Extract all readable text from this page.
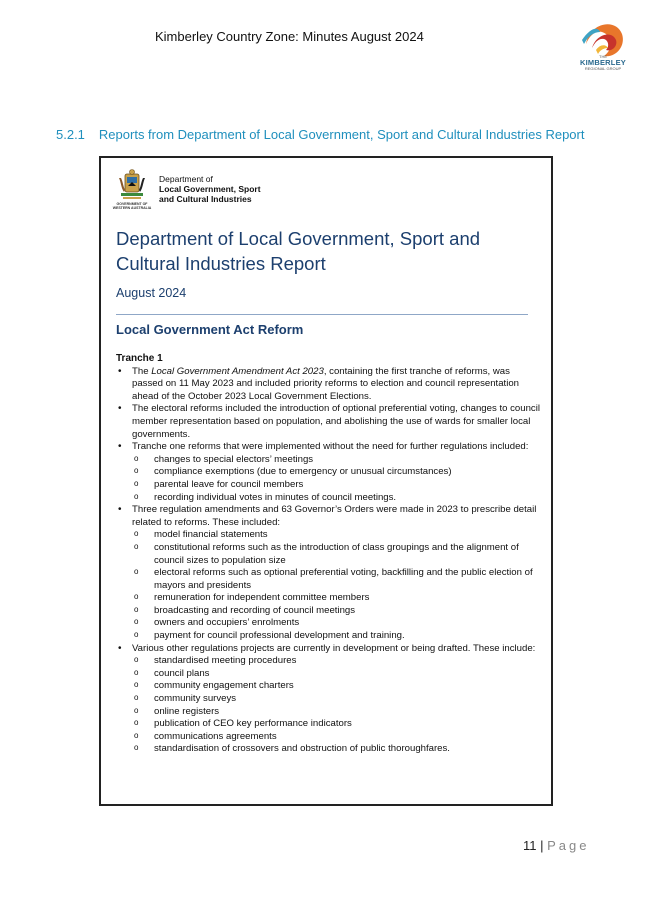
Kimberley Country Zone: Minutes August 2024
THE
KIMBERLEY
REGIONAL GROUP
5.2.1 Reports from Department of Local Government, Sport and Cultural Industries Report
GOVERNMENT OF WESTERN AUSTRALIA
Department of
Local Government, Sport
and Cultural Industries
Department of Local Government, Sport and Cultural Industries Report
August 2024
Local Government Act Reform
Tranche 1
• The Local Government Amendment Act 2023, containing the first tranche of reforms, was passed on 11 May 2023 and included priority reforms to election and council representation ahead of the October 2023 Local Government Elections.
• The electoral reforms included the introduction of optional preferential voting, changes to council member representation based on population, and abolishing the use of wards for smaller local governments.
• Tranche one reforms that were implemented without the need for further regulations included:
o changes to special electors’ meetings
o compliance exemptions (due to emergency or unusual circumstances)
o parental leave for council members
o recording individual votes in minutes of council meetings.
• Three regulation amendments and 63 Governor’s Orders were made in 2023 to prescribe detail related to reforms. These included:
o model financial statements
o constitutional reforms such as the introduction of class groupings and the alignment of council sizes to population size
o electoral reforms such as optional preferential voting, backfilling and the public election of mayors and presidents
o remuneration for independent committee members
o broadcasting and recording of council meetings
o owners and occupiers’ enrolments
o payment for council professional development and training.
• Various other regulations projects are currently in development or being drafted. These include:
o standardised meeting procedures
o council plans
o community engagement charters
o community surveys
o online registers
o publication of CEO key performance indicators
o communications agreements
o standardisation of crossovers and obstruction of public thoroughfares.
11 | Page
